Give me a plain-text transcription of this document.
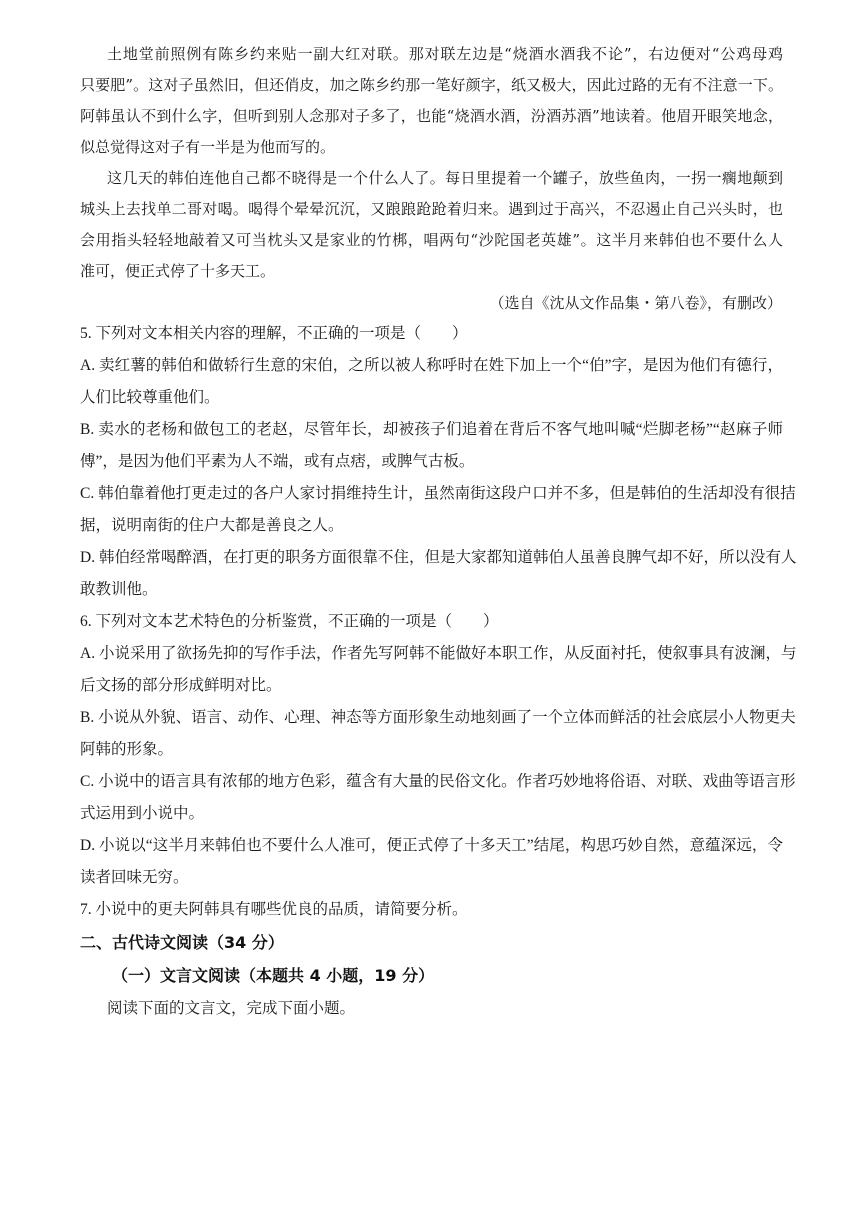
土地堂前照例有陈乡约来贴一副大红对联。那对联左边是“烧酒水酒我不论”，右边便对“公鸡母鸡
只要肥”。这对子虽然旧，但还俏皮，加之陈乡约那一笔好颜字，纸又极大，因此过路的无有不注意一下。
阿韩虽认不到什么字，但听到别人念那对子多了，也能“烧酒水酒，汾酒苏酒”地读着。他眉开眼笑地念，
似总觉得这对子有一半是为他而写的。
这几天的韩伯连他自己都不晓得是一个什么人了。每日里提着一个罐子，放些鱼肉，一拐一瘸地颠到
城头上去找单二哥对喝。喝得个晕晕沉沉，又踉踉跄跄着归来。遇到过于高兴，不忍遏止自己兴头时，也
会用指头轻轻地敲着又可当枕头又是家业的竹梆，唱两句“沙陀国老英雄”。这半月来韩伯也不要什么人
准可，便正式停了十多天工。
（选自《沈从文作品集・第八卷》，有删改）
5. 下列对文本相关内容的理解，不正确的一项是（　　）
A. 卖红薯的韩伯和做轿行生意的宋伯，之所以被人称呼时在姓下加上一个“伯”字，是因为他们有德行，
人们比较尊重他们。
B. 卖水的老杨和做包工的老赵，尽管年长，却被孩子们追着在背后不客气地叫喊“烂脚老杨”“赵麻子师
傅”，是因为他们平素为人不端，或有点痞，或脾气古板。
C. 韩伯靠着他打更走过的各户人家讨捐维持生计，虽然南街这段户口并不多，但是韩伯的生活却没有很拮
据，说明南街的住户大都是善良之人。
D. 韩伯经常喝醉酒，在打更的职务方面很靠不住，但是大家都知道韩伯人虽善良脾气却不好，所以没有人
敢教训他。
6. 下列对文本艺术特色的分析鉴赏，不正确的一项是（　　）
A. 小说采用了欲扬先抑的写作手法，作者先写阿韩不能做好本职工作，从反面衬托，使叙事具有波澜，与
后文扬的部分形成鲜明对比。
B. 小说从外貌、语言、动作、心理、神态等方面形象生动地刻画了一个立体而鲜活的社会底层小人物更夫
阿韩的形象。
C. 小说中的语言具有浓郁的地方色彩，蕴含有大量的民俗文化。作者巧妙地将俗语、对联、戏曲等语言形
式运用到小说中。
D. 小说以“这半月来韩伯也不要什么人准可，便正式停了十多天工”结尾，构思巧妙自然，意蕴深远，令
读者回味无穷。
7. 小说中的更夫阿韩具有哪些优良的品质，请简要分析。
二、古代诗文阅读（34 分）
（一）文言文阅读（本题共 4 小题，19 分）
阅读下面的文言文，完成下面小题。
